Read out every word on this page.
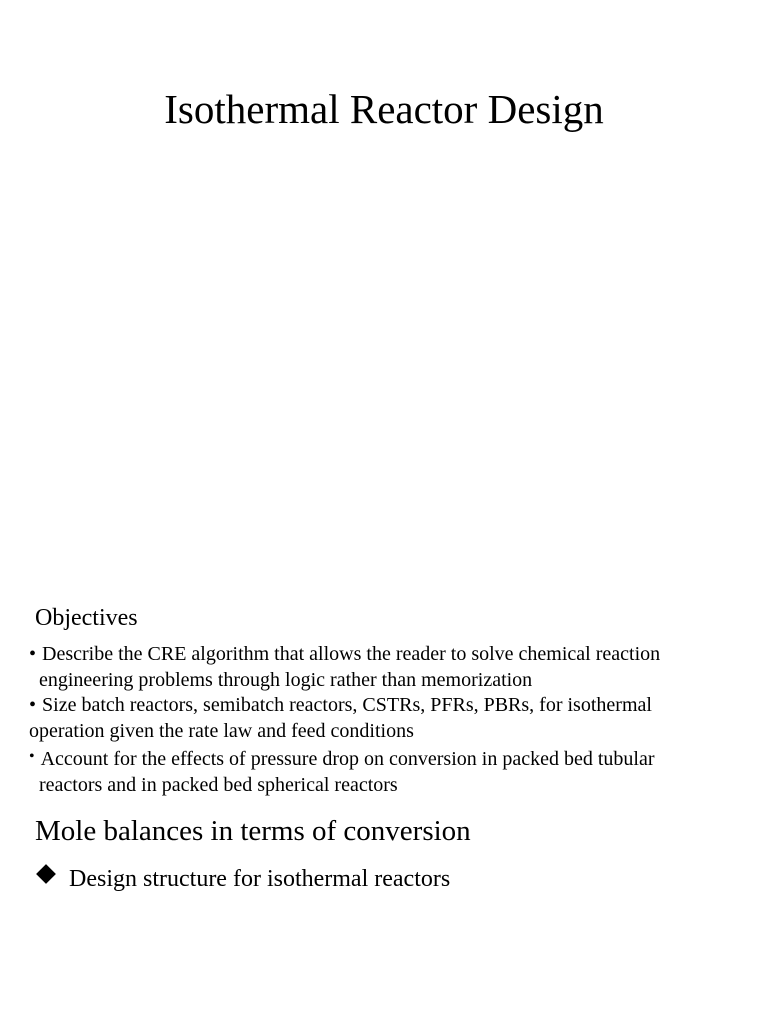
Isothermal Reactor Design
Objectives
• Describe the CRE algorithm that allows the reader to solve chemical reaction
engineering problems through logic rather than memorization
• Size batch reactors, semibatch reactors, CSTRs, PFRs, PBRs, for isothermal
operation given the rate law and feed conditions
• Account for the effects of pressure drop on conversion in packed bed tubular
reactors and in packed bed spherical reactors
Mole balances in terms of conversion
Design structure for isothermal reactors
